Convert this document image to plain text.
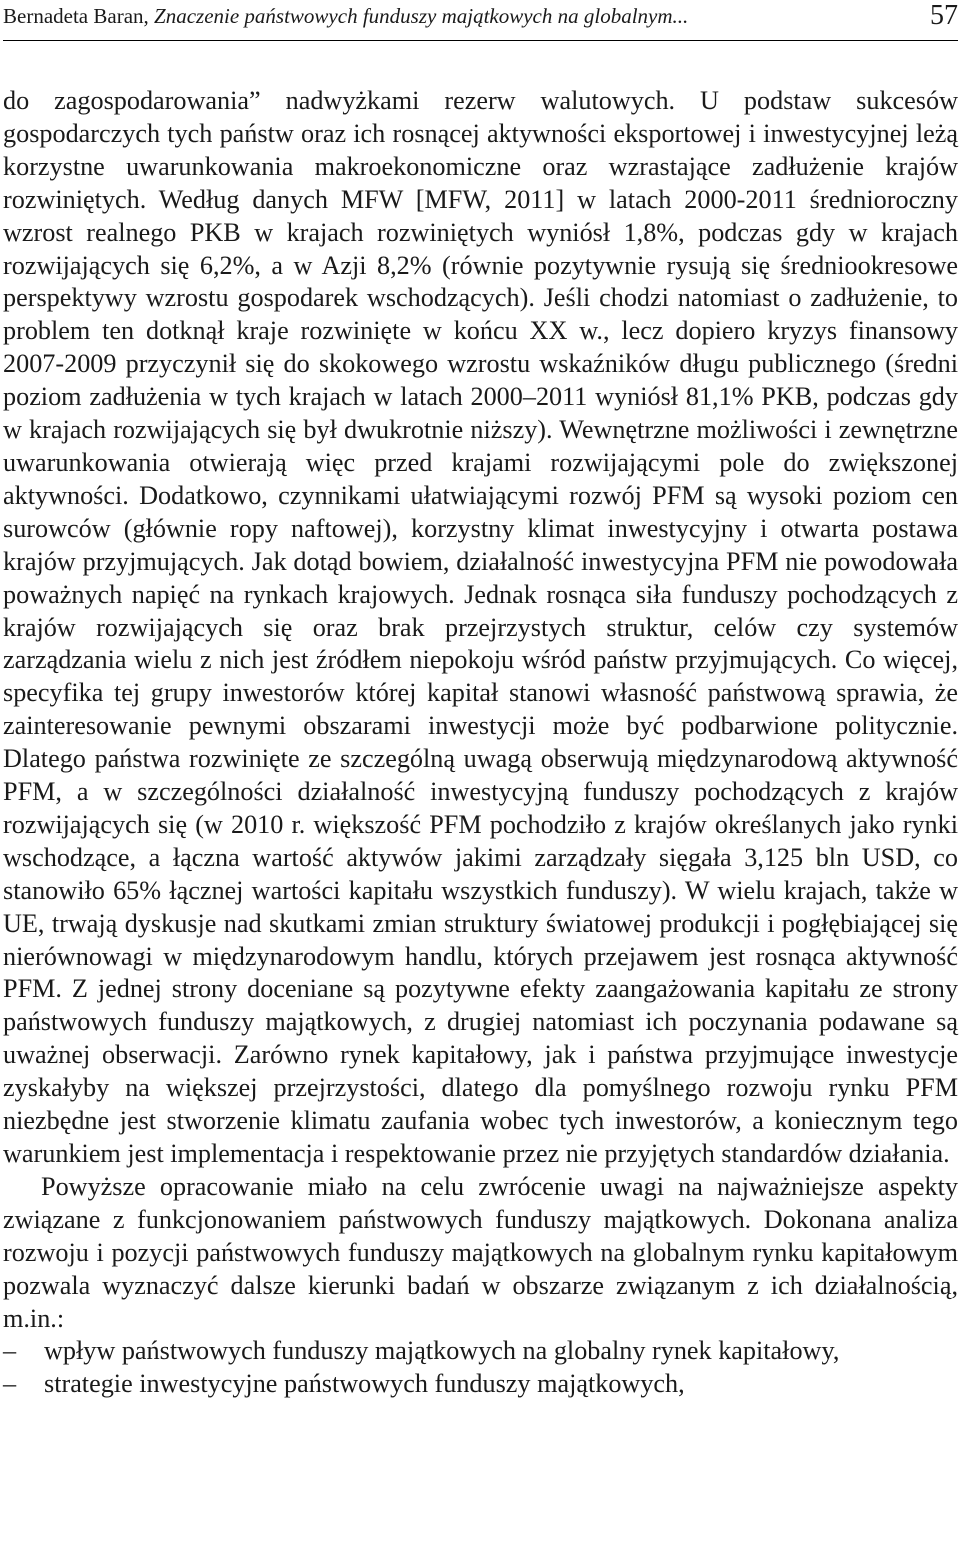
Bernadeta Baran, Znaczenie państwowych funduszy majątkowych na globalnym...	57

do zagospodarowania” nadwyżkami rezerw walutowych. U podstaw sukcesów gospodarczych tych państw oraz ich rosnącej aktywności eksportowej i inwestycyjnej leżą korzystne uwarunkowania makroekonomiczne oraz wzrastające zadłużenie krajów rozwiniętych. Według danych MFW [MFW, 2011] w latach 2000-2011 średnioroczny wzrost realnego PKB w krajach rozwiniętych wyniósł 1,8%, podczas gdy w krajach rozwijających się 6,2%, a w Azji 8,2% (równie pozytywnie rysują się średniookresowe perspektywy wzrostu gospodarek wschodzących). Jeśli chodzi natomiast o zadłużenie, to problem ten dotknął kraje rozwinięte w końcu XX w., lecz dopiero kryzys finansowy 2007-2009 przyczynił się do skokowego wzrostu wskaźników długu publicznego (średni poziom zadłużenia w tych krajach w latach 2000–2011 wyniósł 81,1% PKB, podczas gdy w krajach rozwijających się był dwukrotnie niższy). Wewnętrzne możliwości i zewnętrzne uwarunkowania otwierają więc przed krajami rozwijającymi pole do zwiększonej aktywności. Dodatkowo, czynnikami ułatwiającymi rozwój PFM są wysoki poziom cen surowców (głównie ropy naftowej), korzystny klimat inwestycyjny i otwarta postawa krajów przyjmujących. Jak dotąd bowiem, działalność inwestycyjna PFM nie powodowała poważnych napięć na rynkach krajowych. Jednak rosnąca siła funduszy pochodzących z krajów rozwijających się oraz brak przejrzystych struktur, celów czy systemów zarządzania wielu z nich jest źródłem niepokoju wśród państw przyjmujących. Co więcej, specyfika tej grupy inwestorów której kapitał stanowi własność państwową sprawia, że zainteresowanie pewnymi obszarami inwestycji może być podbarwione politycznie. Dlatego państwa rozwinięte ze szczególną uwagą obserwują międzynarodową aktywność PFM, a w szczególności działalność inwestycyjną funduszy pochodzących z krajów rozwijających się (w 2010 r. większość PFM pochodziło z krajów określanych jako rynki wschodzące, a łączna wartość aktywów jakimi zarządzały sięgała 3,125 bln USD, co stanowiło 65% łącznej wartości kapitału wszystkich funduszy). W wielu krajach, także w UE, trwają dyskusje nad skutkami zmian struktury światowej produkcji i pogłębiającej się nierównowagi w międzynarodowym handlu, których przejawem jest rosnąca aktywność PFM. Z jednej strony doceniane są pozytywne efekty zaangażowania kapitału ze strony państwowych funduszy majątkowych, z drugiej natomiast ich poczynania podawane są uważnej obserwacji. Zarówno rynek kapitałowy, jak i państwa przyjmujące inwestycje zyskałyby na większej przejrzystości, dlatego dla pomyślnego rozwoju rynku PFM niezbędne jest stworzenie klimatu zaufania wobec tych inwestorów, a koniecznym tego warunkiem jest implementacja i respektowanie przez nie przyjętych standardów działania.

Powyższe opracowanie miało na celu zwrócenie uwagi na najważniejsze aspekty związane z funkcjonowaniem państwowych funduszy majątkowych. Dokonana analiza rozwoju i pozycji państwowych funduszy majątkowych na globalnym rynku kapitałowym pozwala wyznaczyć dalsze kierunki badań w obszarze związanym z ich działalnością, m.in.:

– wpływ państwowych funduszy majątkowych na globalny rynek kapitałowy,
– strategie inwestycyjne państwowych funduszy majątkowych,
